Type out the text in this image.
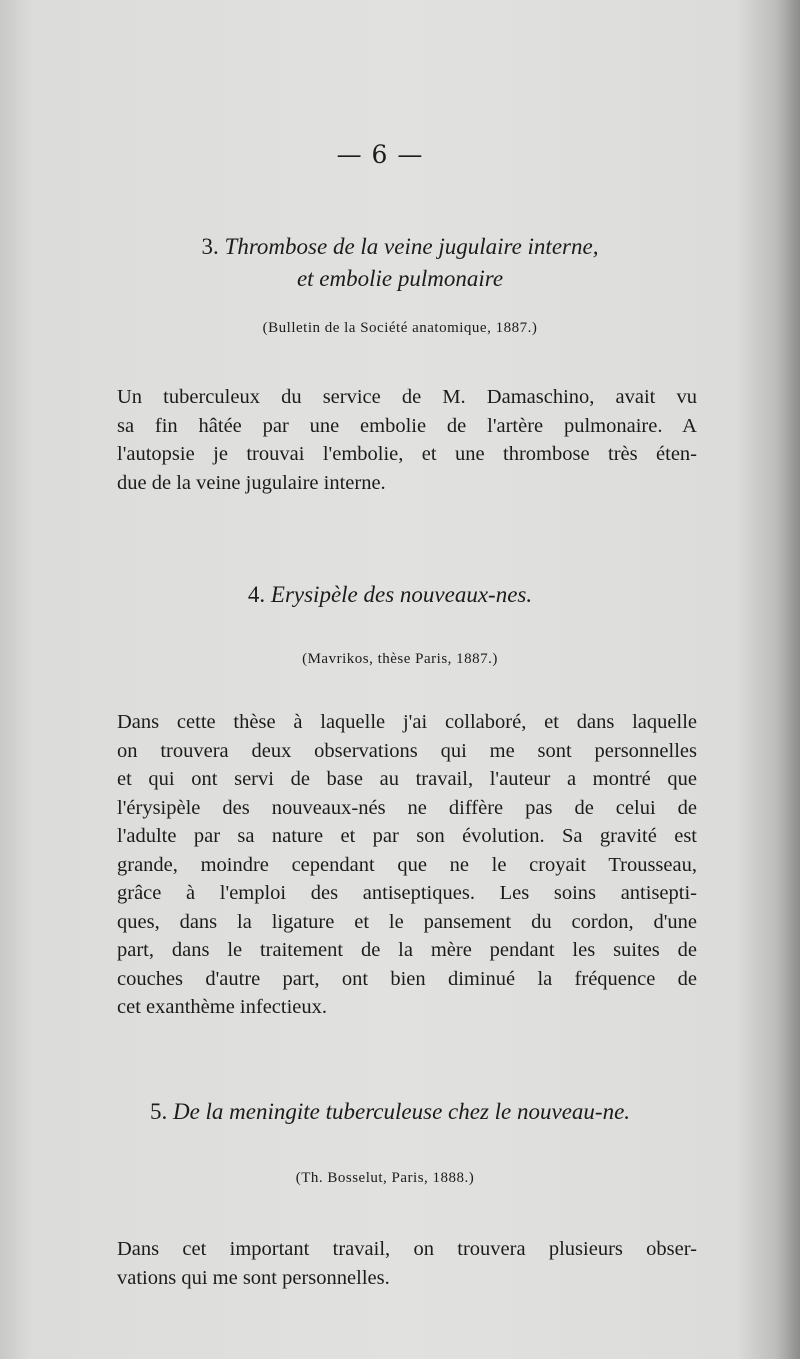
— 6 —
3. Thrombose de la veine jugulaire interne,
et embolie pulmonaire
(Bulletin de la Société anatomique, 1887.)
Un tuberculeux du service de M. Damaschino, avait vu
sa fin hâtée par une embolie de l'artère pulmonaire. A
l'autopsie je trouvai l'embolie, et une thrombose très éten-
due de la veine jugulaire interne.
4. Erysipèle des nouveaux-nes.
(Mavrikos, thèse Paris, 1887.)
Dans cette thèse à laquelle j'ai collaboré, et dans laquelle
on trouvera deux observations qui me sont personnelles
et qui ont servi de base au travail, l'auteur a montré que
l'érysipèle des nouveaux-nés ne diffère pas de celui de
l'adulte par sa nature et par son évolution. Sa gravité est
grande, moindre cependant que ne le croyait Trousseau,
grâce à l'emploi des antiseptiques. Les soins antisepti-
ques, dans la ligature et le pansement du cordon, d'une
part, dans le traitement de la mère pendant les suites de
couches d'autre part, ont bien diminué la fréquence de
cet exanthème infectieux.
5. De la meningite tuberculeuse chez le nouveau-ne.
(Th. Bosselut, Paris, 1888.)
Dans cet important travail, on trouvera plusieurs obser-
vations qui me sont personnelles.
